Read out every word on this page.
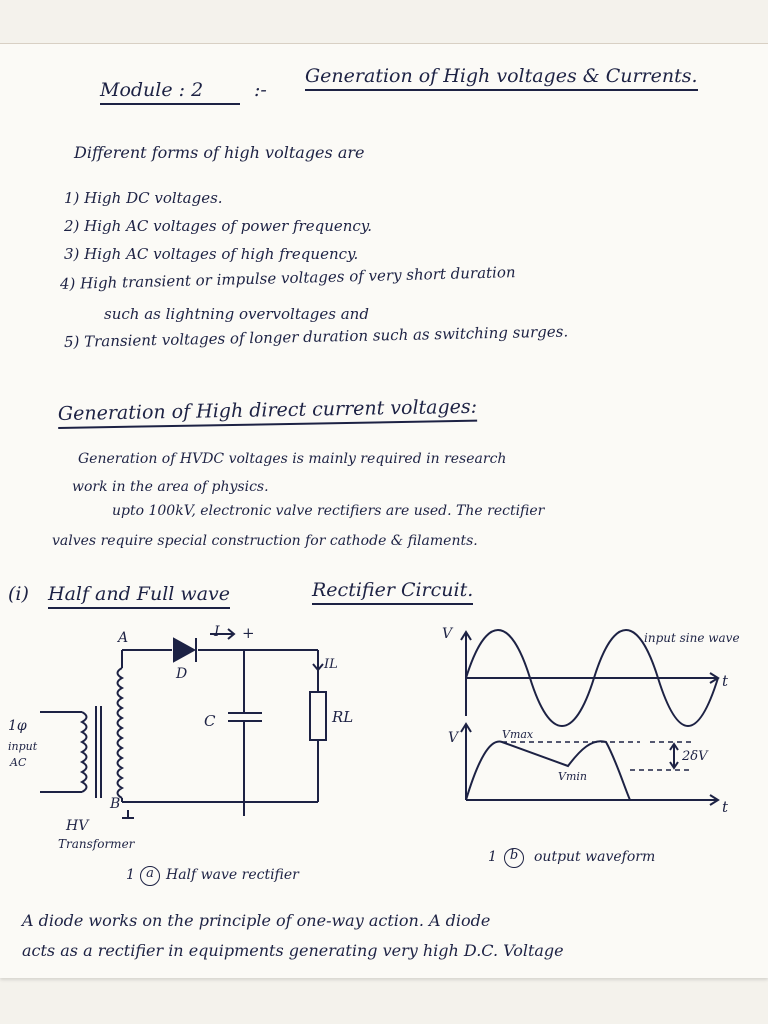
Module : 2	:-
Generation of High voltages & Currents.
Different forms of high voltages are
1) High DC voltages.
2) High AC voltages of power frequency.
3) High AC voltages of high frequency.
4) High transient or impulse voltages of very short duration
such as lightning overvoltages and
5) Transient voltages of longer duration such as switching surges.
Generation of High direct current voltages:
Generation of HVDC voltages is mainly required in research
work in the area of physics.
upto 100kV, electronic valve rectifiers are used. The rectifier
valves require special construction for cathode & filaments.
(i) Half and Full wave	Rectifier Circuit.
A
B
I +
D
C
IL
RL
1φ
input
AC
HV
Transformer
V
t
input sine wave
V
t
Vmax
Vmin
2δV
1 a Half wave rectifier
1 b	output waveform
A diode works on the principle of one-way action. A diode
acts as a rectifier in equipments generating very high D.C. Voltage
